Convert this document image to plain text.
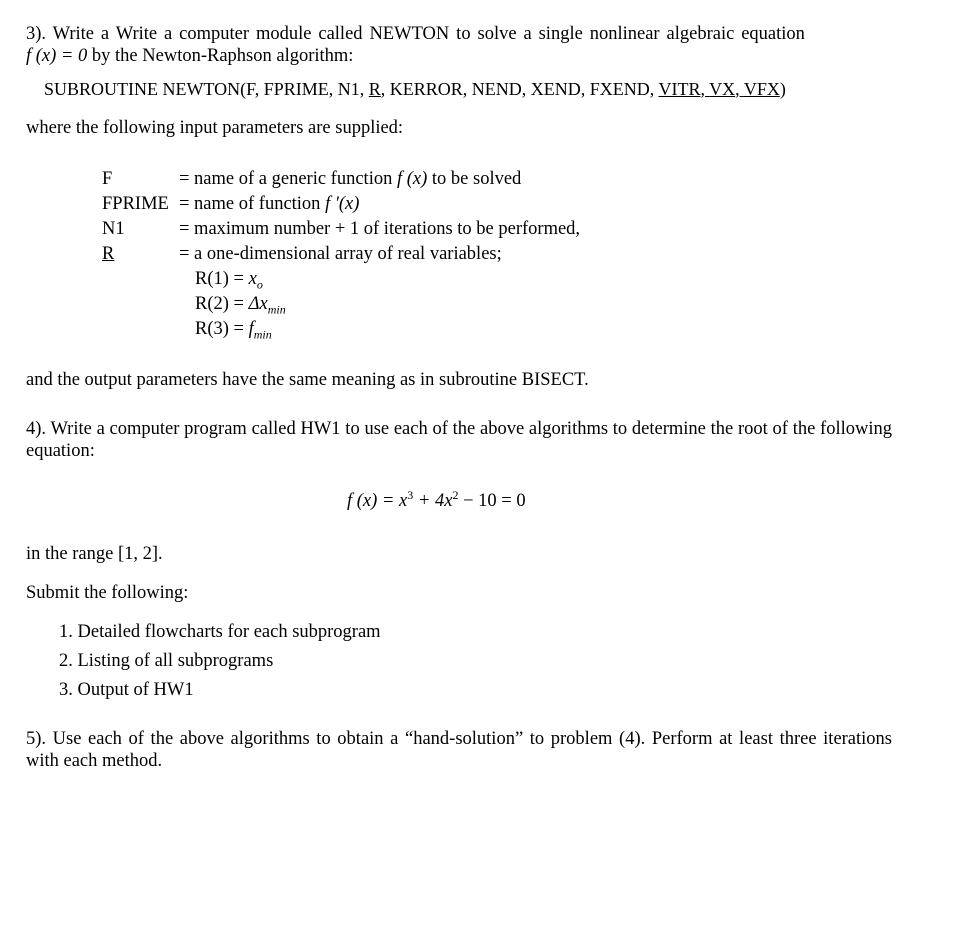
3). Write a Write a computer module called NEWTON to solve a single nonlinear algebraic equation
f (x) = 0 by the Newton-Raphson algorithm:
SUBROUTINE NEWTON(F, FPRIME, N1, R, KERROR, NEND, XEND, FXEND, VITR, VX, VFX)
where the following input parameters are supplied:
F	= name of a generic function f (x) to be solved
FPRIME = name of function f ′(x)
N1	= maximum number + 1 of iterations to be performed,
R	= a one-dimensional array of real variables;
$R(1) = x_o$
$R(2) = \Delta x_{min}$
$R(3) = f_{min}$
and the output parameters have the same meaning as in subroutine BISECT.
4). Write a computer program called HW1 to use each of the above algorithms to determine the root of the following equation:
f $(x) = x^3 + 4x^2 - 10 = 0$
in the range [1, 2].
Submit the following:
1. Detailed flowcharts for each subprogram
2. Listing of all subprograms
3. Output of HW1
5). Use each of the above algorithms to obtain a “hand-solution” to problem (4). Perform at least three iterations with each method.
